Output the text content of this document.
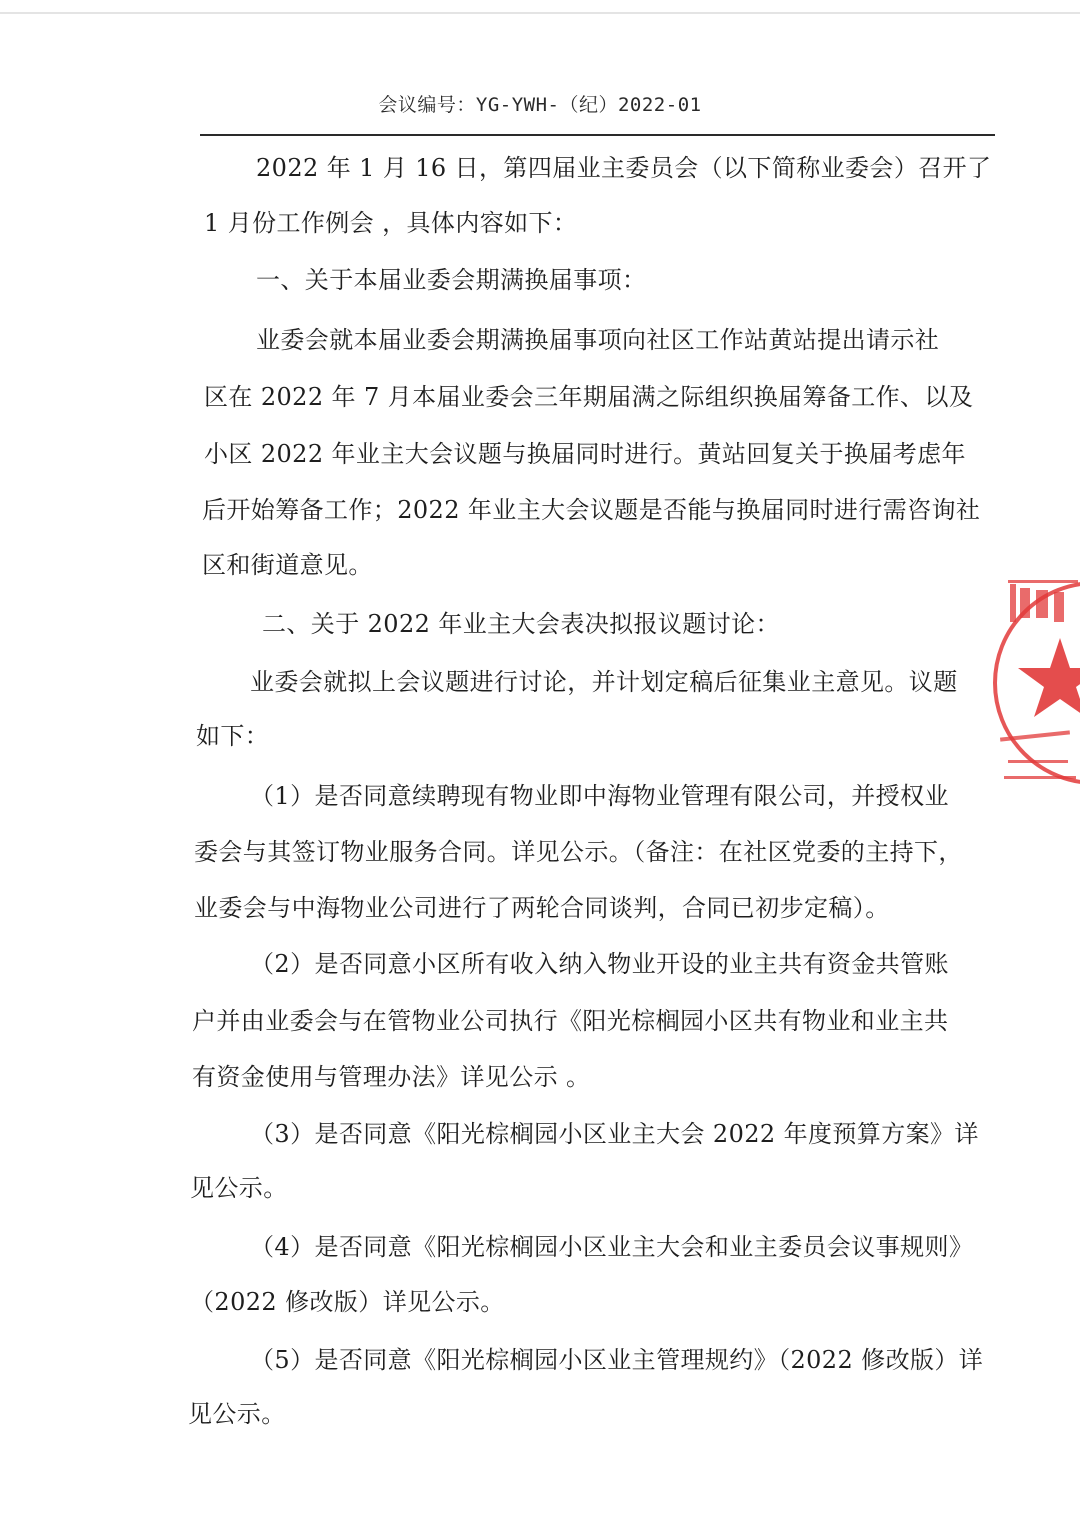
会议编号：YG-YWH-（纪）2022-01
2022 年 1 月 16 日，第四届业主委员会（以下简称业委会）召开了
1 月份工作例会 ，具体内容如下：
一、关于本届业委会期满换届事项：
业委会就本届业委会期满换届事项向社区工作站黄站提出请示社
区在 2022 年 7 月本届业委会三年期届满之际组织换届筹备工作、以及
小区 2022 年业主大会议题与换届同时进行。黄站回复关于换届考虑年
后开始筹备工作；2022 年业主大会议题是否能与换届同时进行需咨询社
区和街道意见。
二、关于 2022 年业主大会表决拟报议题讨论：
业委会就拟上会议题进行讨论，并计划定稿后征集业主意见。议题
如下：
（1）是否同意续聘现有物业即中海物业管理有限公司，并授权业
委会与其签订物业服务合同。详见公示。（备注：在社区党委的主持下，
业委会与中海物业公司进行了两轮合同谈判，合同已初步定稿）。
（2）是否同意小区所有收入纳入物业开设的业主共有资金共管账
户并由业委会与在管物业公司执行《阳光棕榈园小区共有物业和业主共
有资金使用与管理办法》详见公示 。
（3）是否同意《阳光棕榈园小区业主大会 2022 年度预算方案》详
见公示。
（4）是否同意《阳光棕榈园小区业主大会和业主委员会议事规则》
（2022 修改版）详见公示。
（5）是否同意《阳光棕榈园小区业主管理规约》（2022 修改版）详
见公示。
